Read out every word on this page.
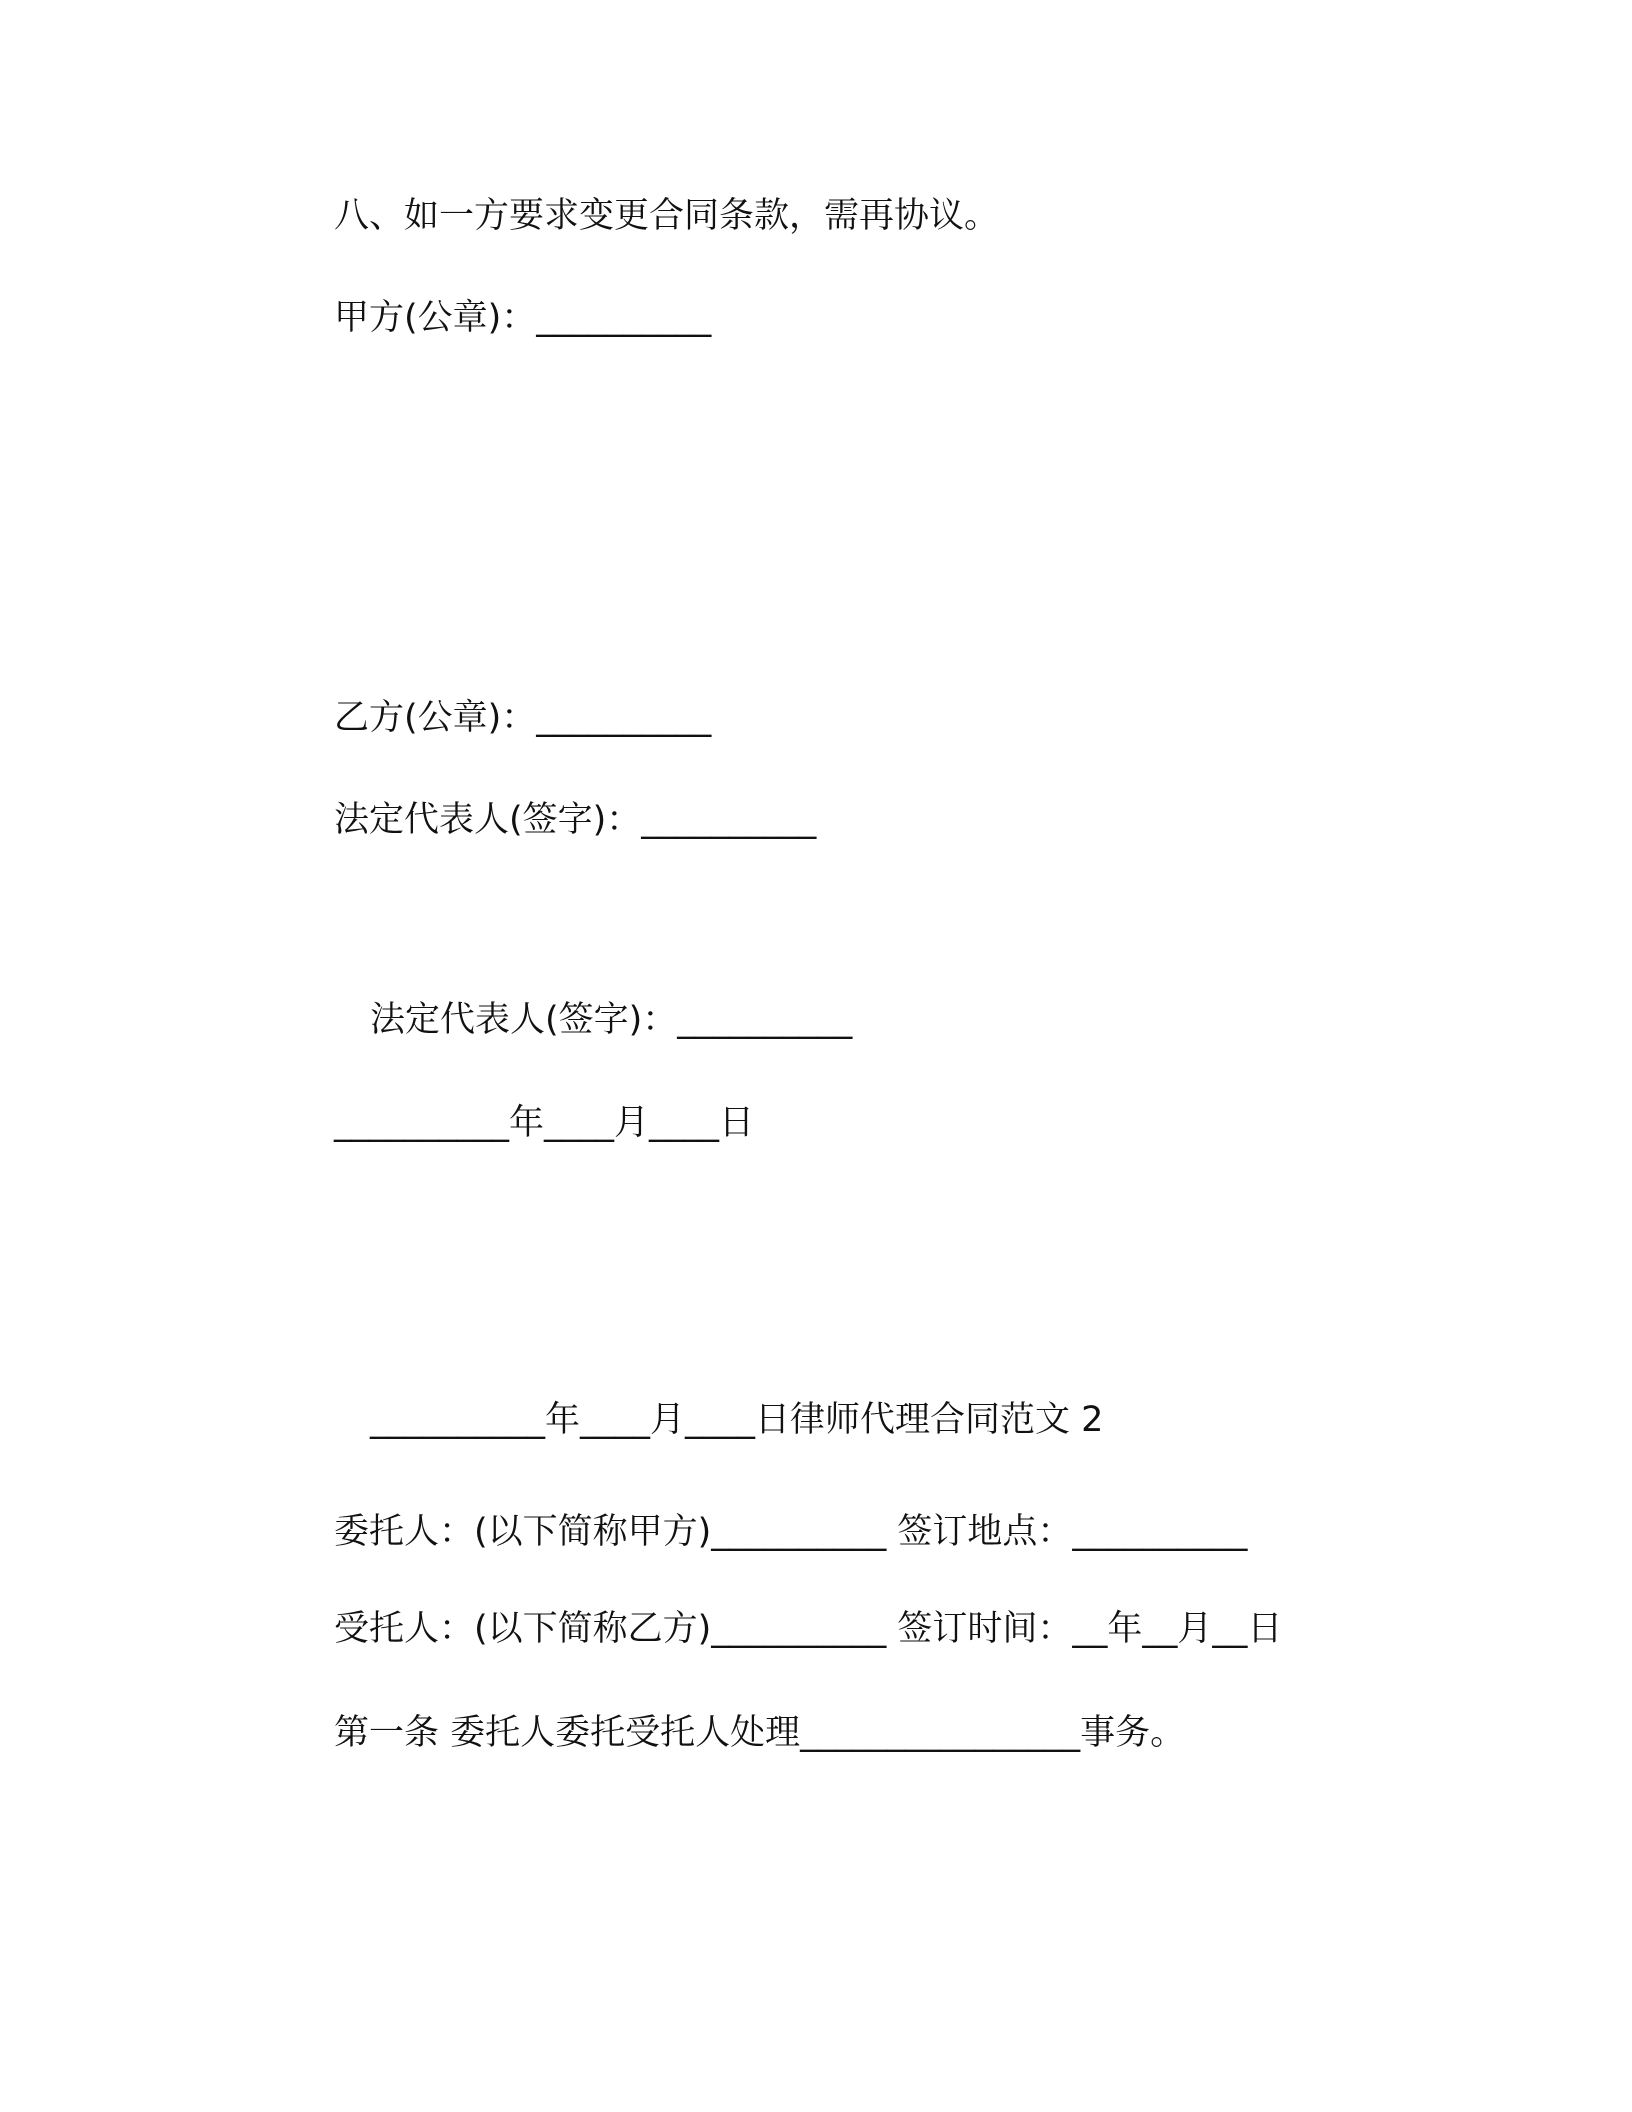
八、如一方要求变更合同条款，需再协议。
甲方(公章)：__________
乙方(公章)：__________
法定代表人(签字)：__________
法定代表人(签字)：__________
__________年____月____日
__________年____月____日律师代理合同范文 2
委托人：(以下简称甲方)__________ 签订地点：__________
受托人：(以下简称乙方)__________ 签订时间：__年__月__日
第一条 委托人委托受托人处理________________事务。
